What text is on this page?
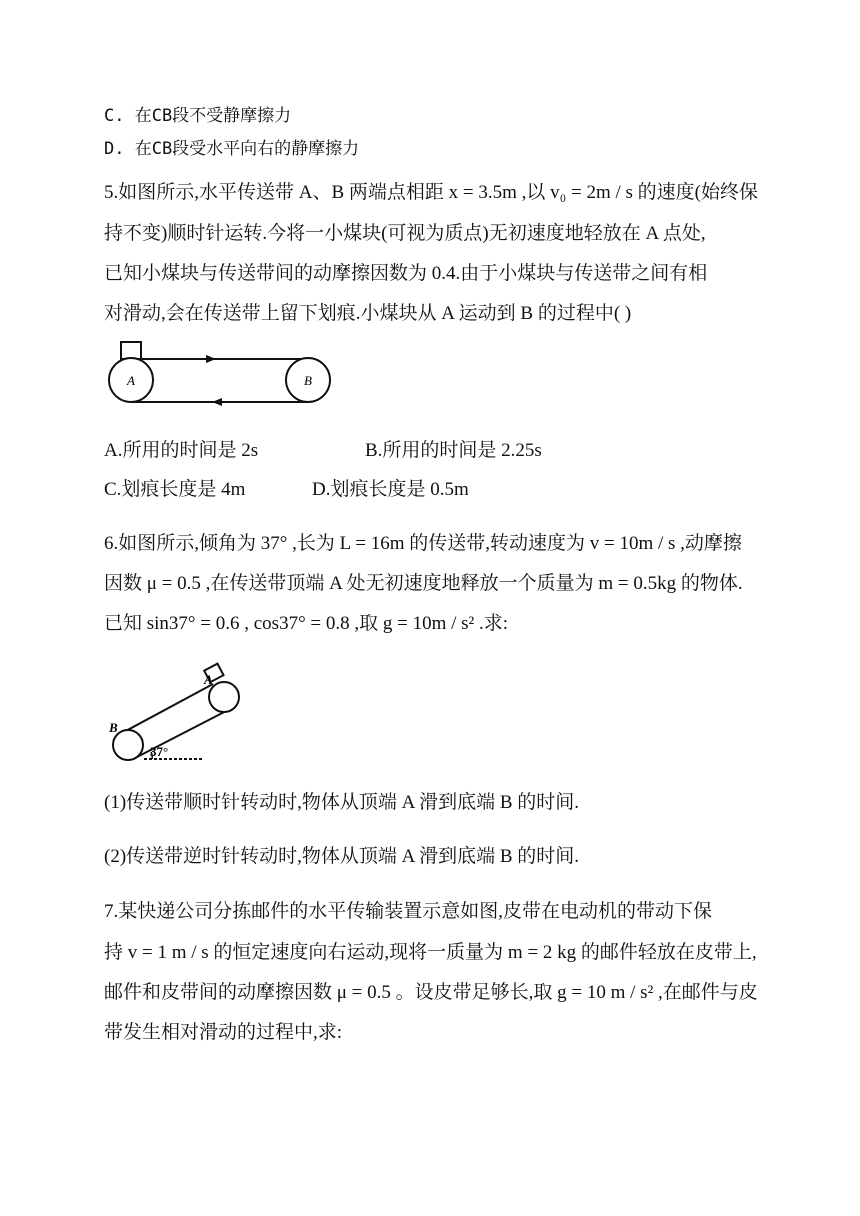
C. 在CB段不受静摩擦力
D. 在CB段受水平向右的静摩擦力
5.如图所示,水平传送带 A、B 两端点相距 x = 3.5m ,以 v₀ = 2m / s 的速度(始终保
持不变)顺时针运转.今将一小煤块(可视为质点)无初速度地轻放在 A 点处,
已知小煤块与传送带间的动摩擦因数为 0.4.由于小煤块与传送带之间有相
对滑动,会在传送带上留下划痕.小煤块从 A 运动到 B 的过程中( )
A	B
A.所用的时间是 2s	B.所用的时间是 2.25s
C.划痕长度是 4m	D.划痕长度是 0.5m
6.如图所示,倾角为 37° ,长为 L = 16m 的传送带,转动速度为 v = 10m / s ,动摩擦
因数 μ = 0.5 ,在传送带顶端 A 处无初速度地释放一个质量为 m = 0.5kg 的物体.
已知 sin37° = 0.6 , cos37° = 0.8 ,取 g = 10m / s² .求:
A
B
37°
(1)传送带顺时针转动时,物体从顶端 A 滑到底端 B 的时间.
(2)传送带逆时针转动时,物体从顶端 A 滑到底端 B 的时间.
7.某快递公司分拣邮件的水平传输装置示意如图,皮带在电动机的带动下保
持 v = 1 m / s 的恒定速度向右运动,现将一质量为 m = 2 kg 的邮件轻放在皮带上,
邮件和皮带间的动摩擦因数 μ = 0.5 。设皮带足够长,取 g = 10 m / s² ,在邮件与皮
带发生相对滑动的过程中,求:
